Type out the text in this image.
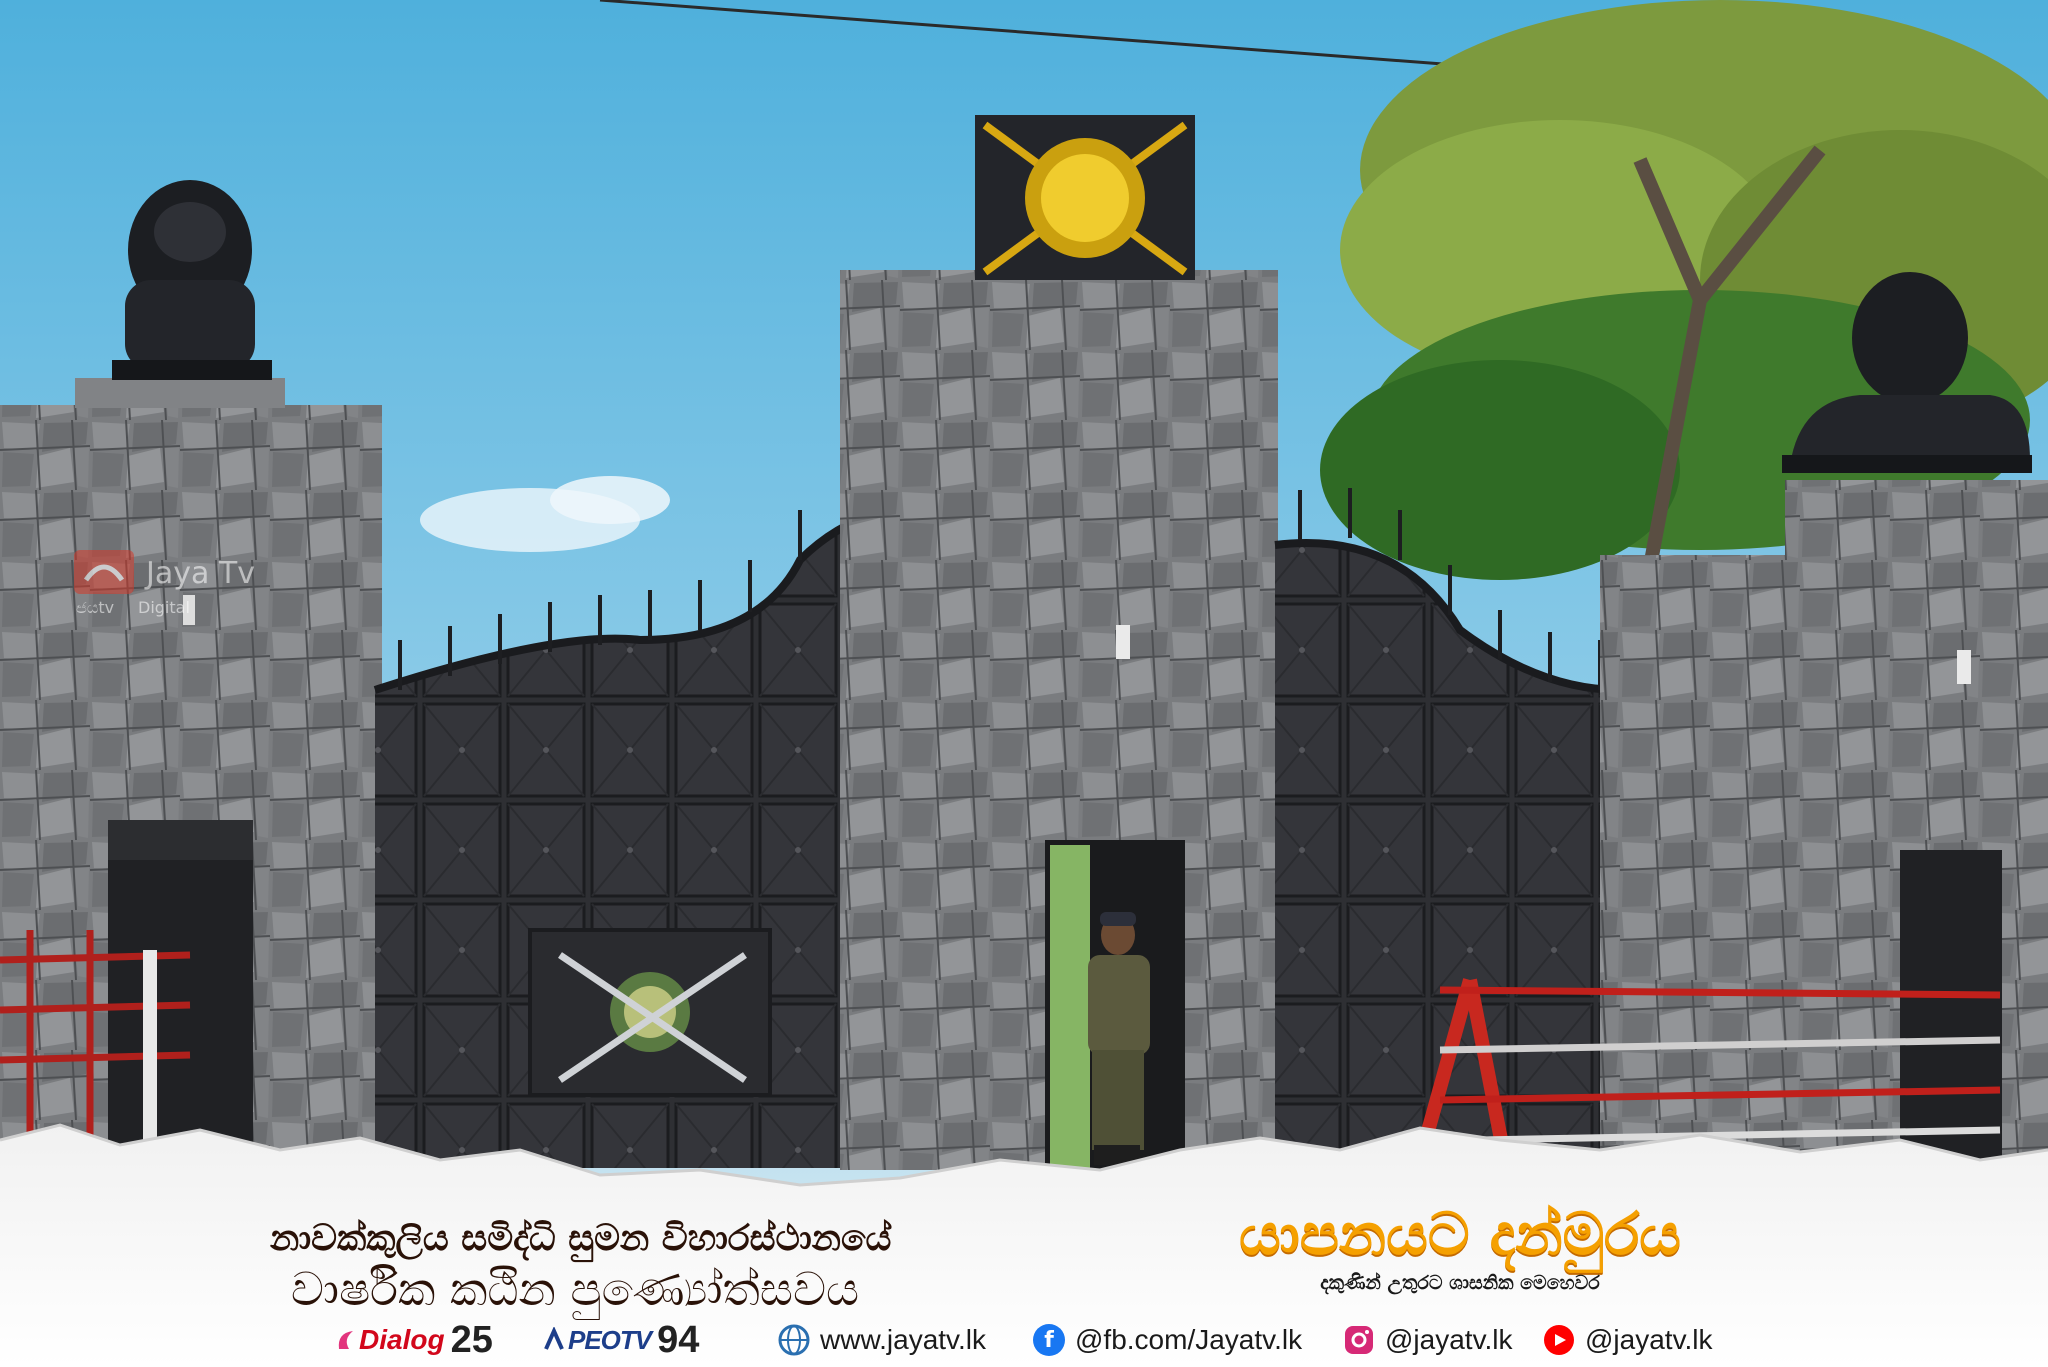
Jaya Tv
ජයtv Digital
නාවක්කුලිය සමිද්ධි සුමන විහාරස්ථානයේ
වාර්ෂික කඨින පුණ්‍යෝත්සවය
යාපනයට දන්මුරය
දකුණින් උතුරට ශාසනික මෙහෙවර
Dialog 25	PEOTV 94	www.jayatv.lk	f @fb.com/Jayatv.lk	@jayatv.lk	@jayatv.lk
